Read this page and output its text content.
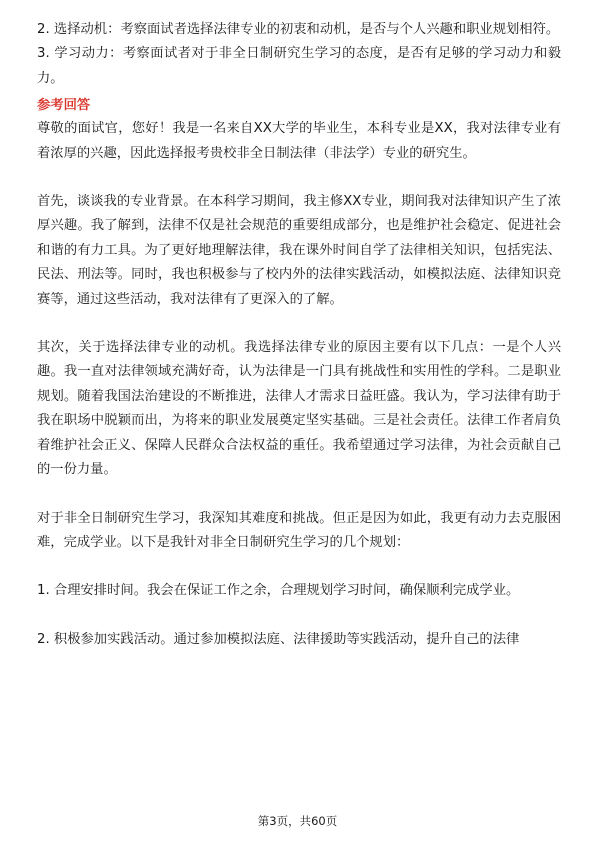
2. 选择动机：考察面试者选择法律专业的初衷和动机，是否与个人兴趣和职业规划相符。

3. 学习动力：考察面试者对于非全日制研究生学习的态度，是否有足够的学习动力和毅力。

参考回答

尊敬的面试官，您好！我是一名来自XX大学的毕业生，本科专业是XX，我对法律专业有着浓厚的兴趣，因此选择报考贵校非全日制法律（非法学）专业的研究生。

首先，谈谈我的专业背景。在本科学习期间，我主修XX专业，期间我对法律知识产生了浓厚兴趣。我了解到，法律不仅是社会规范的重要组成部分，也是维护社会稳定、促进社会和谐的有力工具。为了更好地理解法律，我在课外时间自学了法律相关知识，包括宪法、民法、刑法等。同时，我也积极参与了校内外的法律实践活动，如模拟法庭、法律知识竞赛等，通过这些活动，我对法律有了更深入的了解。

其次，关于选择法律专业的动机。我选择法律专业的原因主要有以下几点：一是个人兴趣。我一直对法律领域充满好奇，认为法律是一门具有挑战性和实用性的学科。二是职业规划。随着我国法治建设的不断推进，法律人才需求日益旺盛。我认为，学习法律有助于我在职场中脱颖而出，为将来的职业发展奠定坚实基础。三是社会责任。法律工作者肩负着维护社会正义、保障人民群众合法权益的重任。我希望通过学习法律，为社会贡献自己的一份力量。

对于非全日制研究生学习，我深知其难度和挑战。但正是因为如此，我更有动力去克服困难，完成学业。以下是我针对非全日制研究生学习的几个规划：

1. 合理安排时间。我会在保证工作之余，合理规划学习时间，确保顺利完成学业。

2. 积极参加实践活动。通过参加模拟法庭、法律援助等实践活动，提升自己的法律

第3页，共60页
